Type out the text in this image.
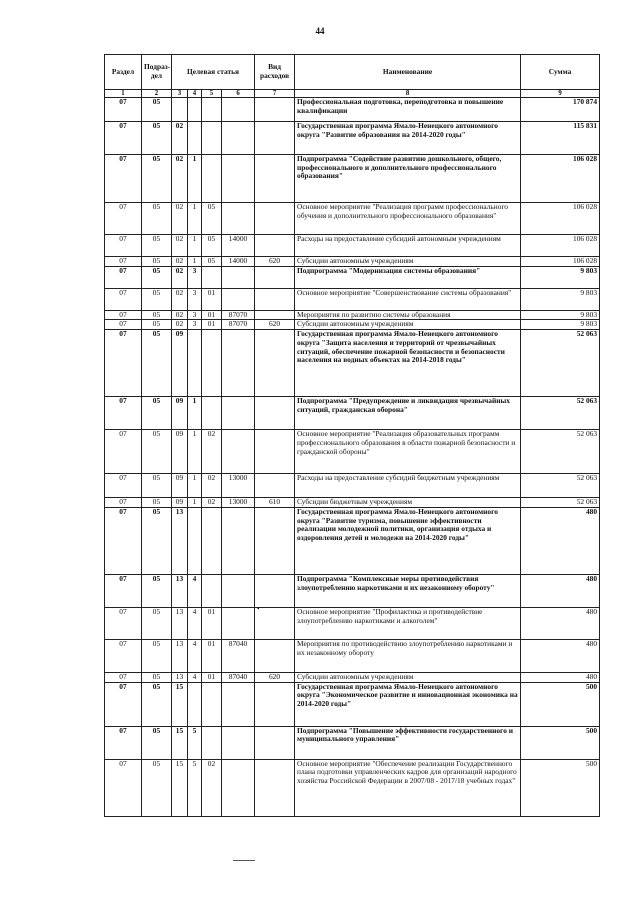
44
Раздел	Подраз-дел	Целевая статья				Вид расходов	Наименование	Сумма
1	2	3	4	5	6	7	8	9
07	05						Профессиональная подготовка, переподготовка и повышение квалификации	170 874
07	05	02					Государственная программа Ямало-Ненецкого автономного округа "Развитие образования на 2014-2020 годы"	115 831
07	05	02	1				Подпрограмма "Содействие развитию дошкольного, общего, профессионального и дополнительного профессионального образования"	106 028
07	05	02	1	05			Основное мероприятие "Реализация программ профессионального обучения и дополнительного профессионального образования"	106 028
07	05	02	1	05	14000		Расходы на предоставление субсидий автономным учреждениям	106 028
07	05	02	1	05	14000	620	Субсидии автономным учреждениям	106 028
07	05	02	3				Подпрограмма "Модернизация системы образования"	9 803
07	05	02	3	01			Основное мероприятие "Совершенствование системы образования"	9 803
07	05	02	3	01	87070		Мероприятия по развитию системы образования	9 803
07	05	02	3	01	87070	620	Субсидии автономным учреждениям	9 803
07	05	09					Государственная программа Ямало-Ненецкого автономного округа "Защита населения и территорий от чрезвычайных ситуаций, обеспечение пожарной безопасности и безопасности населения на водных объектах на 2014-2018 годы"	52 063
07	05	09	1				Подпрограмма "Предупреждение и ликвидация чрезвычайных ситуаций, гражданская оборона"	52 063
07	05	09	1	02			Основное мероприятие "Реализация образовательных программ профессионального образования в области пожарной безопасности и гражданской обороны"	52 063
07	05	09	1	02	13000		Расходы на предоставление субсидий бюджетным учреждениям	52 063
07	05	09	1	02	13000	610	Субсидии бюджетным учреждениям	52 063
07	05	13					Государственная программа Ямало-Ненецкого автономного округа "Развитие туризма, повышение эффективности реализации молодежной политики, организация отдыха и оздоровления детей и молодежи на 2014-2020 годы"	480
07	05	13	4				Подпрограмма "Комплексные меры противодействия злоупотреблению наркотиками и их незаконному обороту"	480
07	05	13	4	01			Основное мероприятие "Профилактика и противодействие злоупотреблению наркотиками и алкоголем"	480
07	05	13	4	01	87040		Мероприятия по противодействию злоупотреблению наркотиками и их незаконному обороту	480
07	05	13	4	01	87040	620	Субсидии автономным учреждениям	480
07	05	15					Государственная программа Ямало-Ненецкого автономного округа "Экономическое развитие и инновационная экономика на 2014-2020 годы"	500
07	05	15	5				Подпрограмма "Повышение эффективности государственного и муниципального управления"	500
07	05	15	5	02			Основное мероприятие "Обеспечение реализации Государственного плана подготовки управленческих кадров для организаций народного хозяйства Российской Федерации в 2007/08 - 2017/18 учебных годах"	500
•
